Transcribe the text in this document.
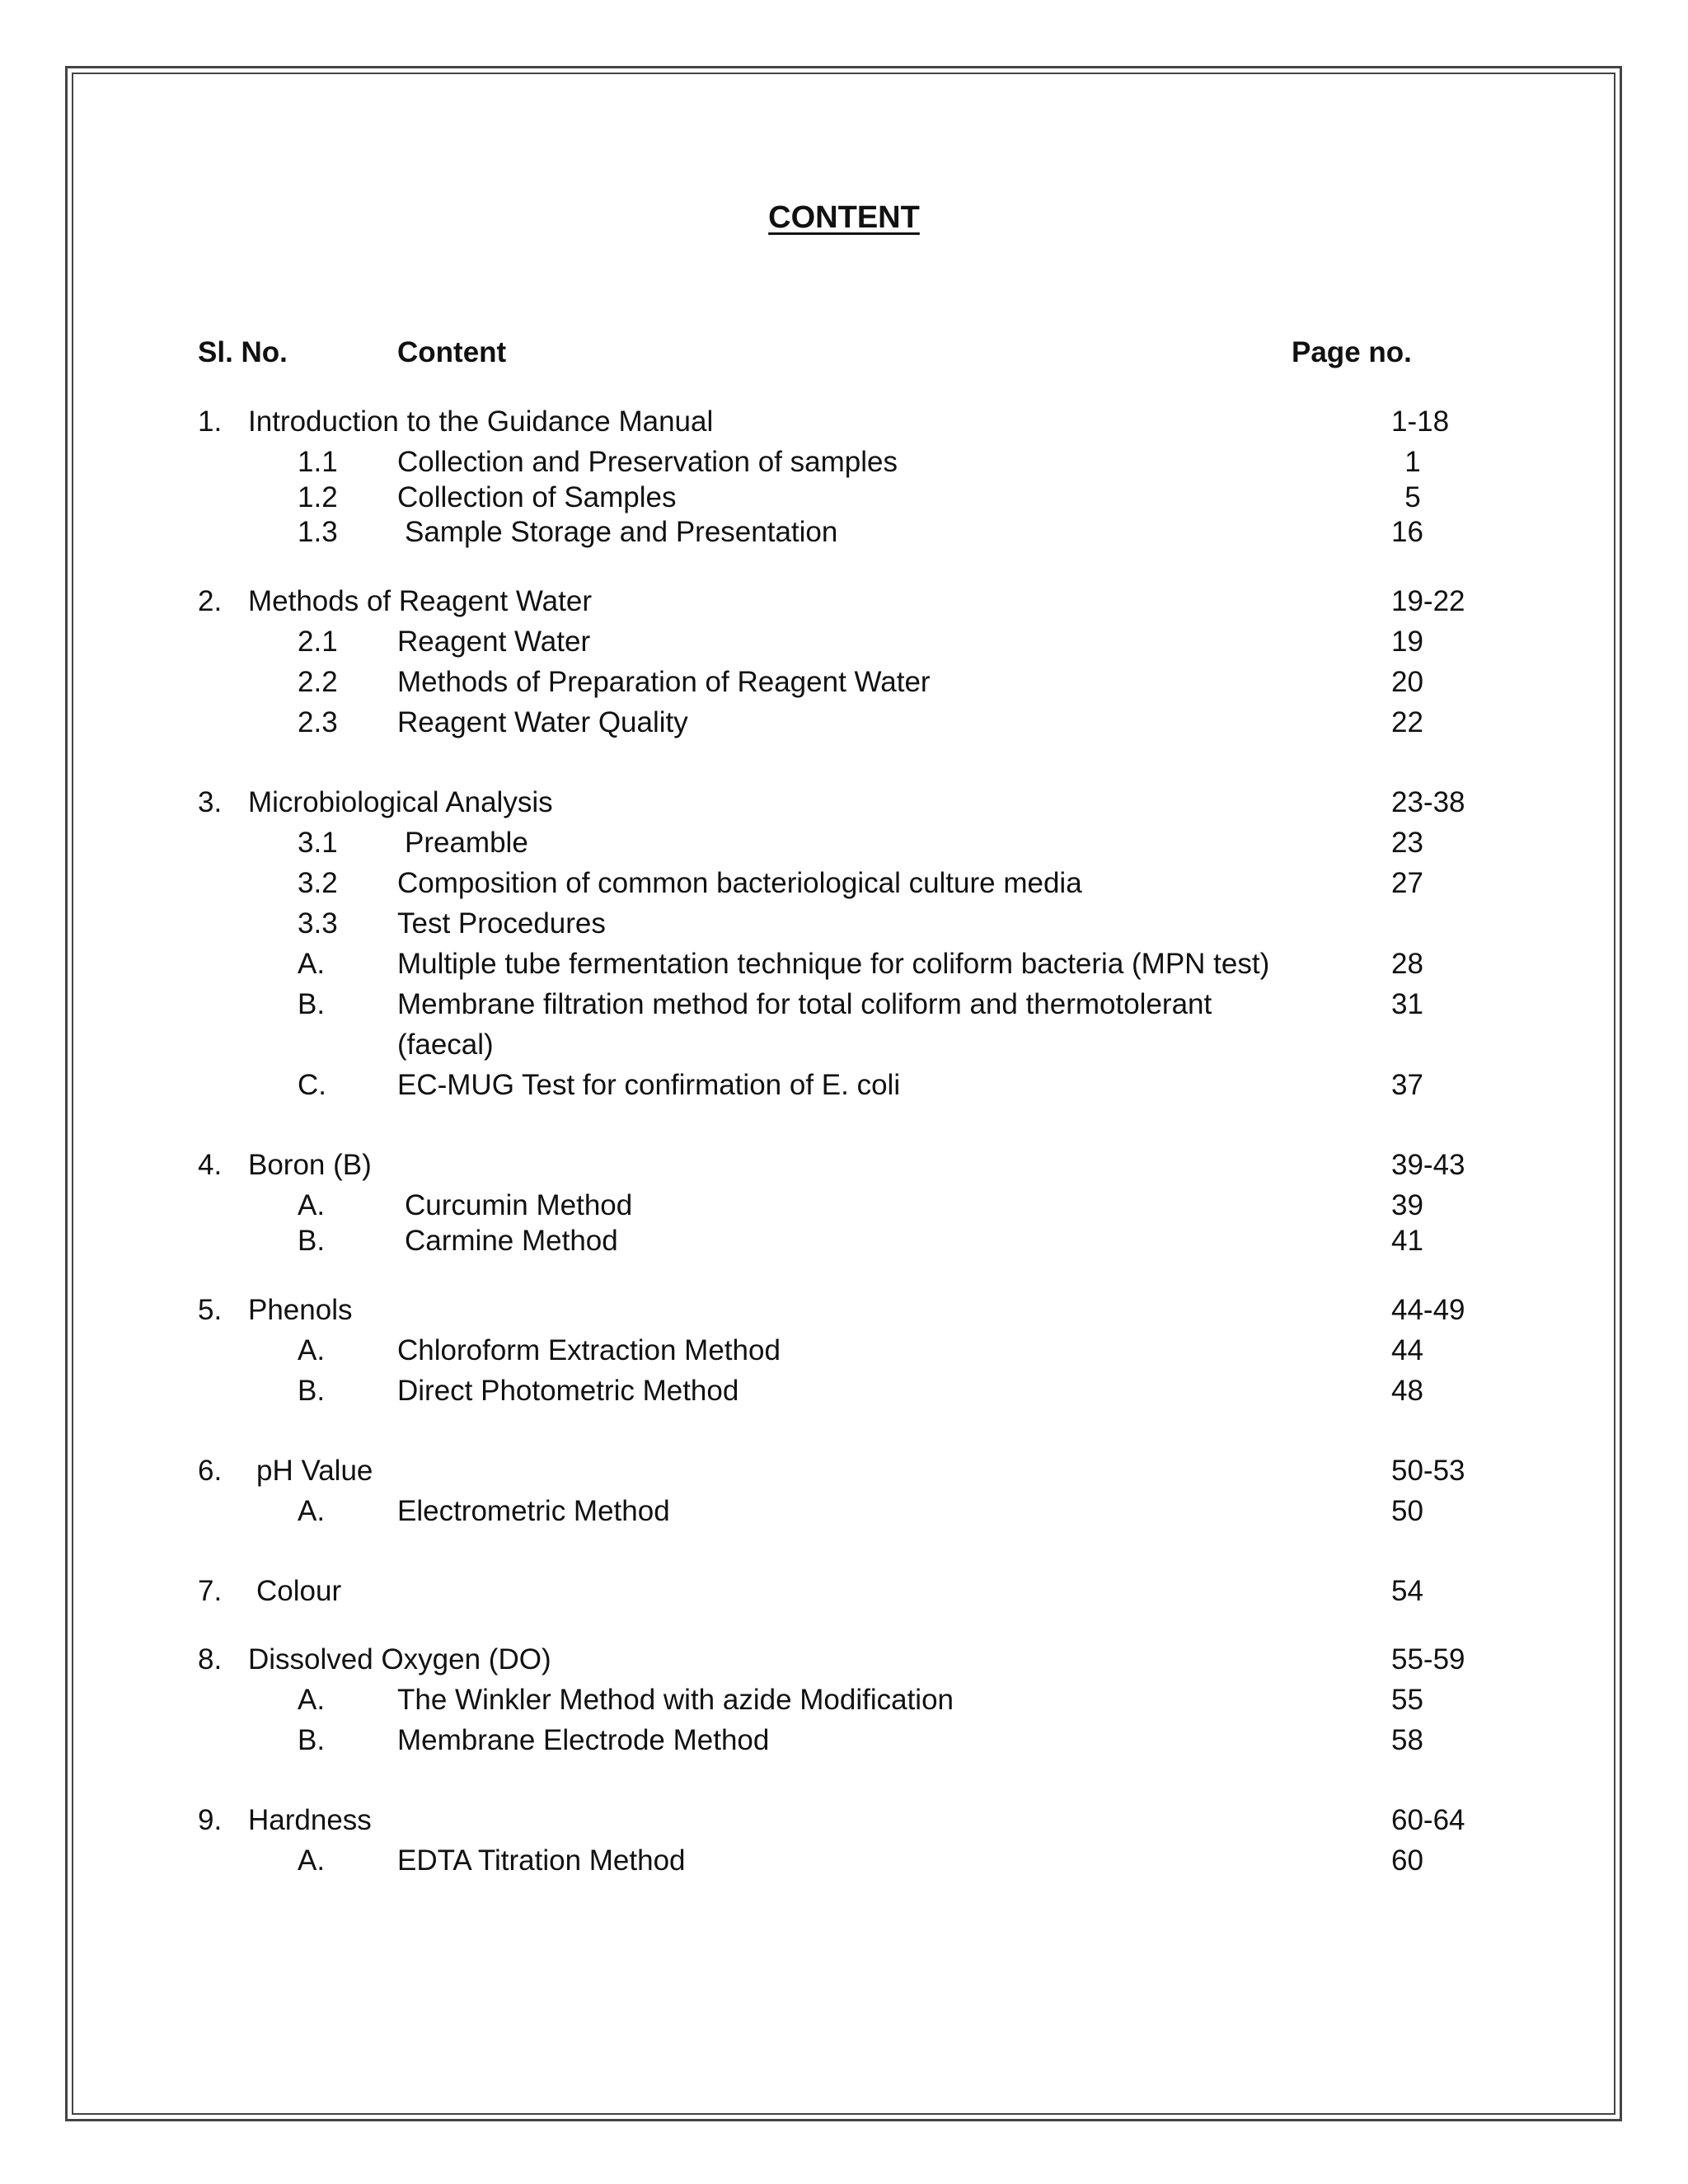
CONTENT
Sl. No.	Content	Page no.
1. Introduction to the Guidance Manual	1-18
1.1 Collection and Preservation of samples	1
1.2 Collection of Samples	5
1.3 Sample Storage and Presentation	16
2. Methods of Reagent Water	19-22
2.1 Reagent Water	19
2.2 Methods of Preparation of Reagent Water	20
2.3 Reagent Water Quality	22
3. Microbiological Analysis	23-38
3.1 Preamble	23
3.2 Composition of common bacteriological culture media	27
3.3 Test Procedures
A.	Multiple tube fermentation technique for coliform bacteria (MPN test)	28
B.	Membrane filtration method for total coliform and thermotolerant	31
(faecal)
C. EC-MUG Test for confirmation of E. coli	37
4. Boron (B)	39-43
A.	Curcumin Method	39
B.	Carmine Method	41
5. Phenols	44-49
A.	Chloroform Extraction Method	44
B.	Direct Photometric Method	48
6. pH Value	50-53
A.	Electrometric Method	50
7. Colour	54
8. Dissolved Oxygen (DO)	55-59
A.	The Winkler Method with azide Modification	55
B.	Membrane Electrode Method	58
9. Hardness	60-64
A.	EDTA Titration Method	60
